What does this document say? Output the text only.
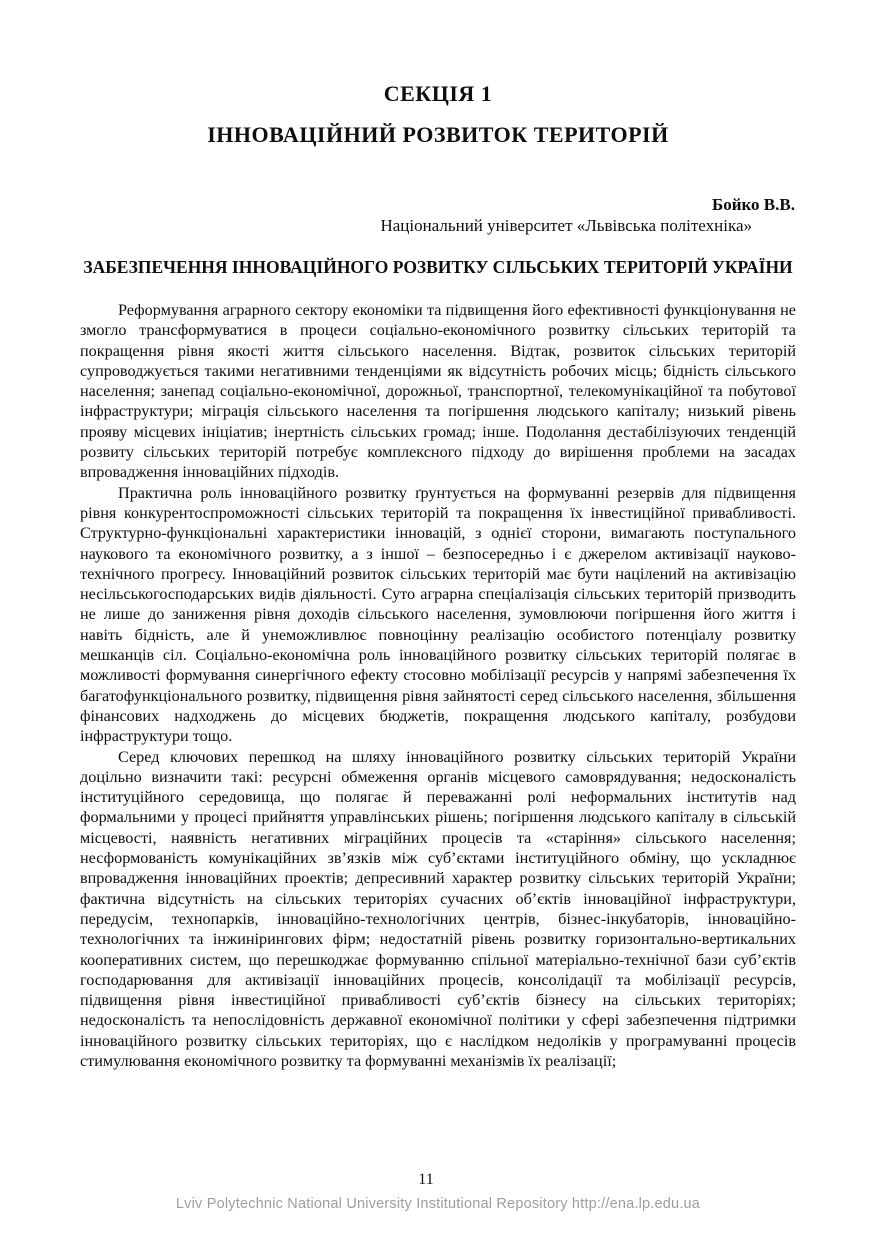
СЕКЦІЯ 1
ІННОВАЦІЙНИЙ РОЗВИТОК ТЕРИТОРІЙ
Бойко В.В.
Національний університет «Львівська політехніка»
ЗАБЕЗПЕЧЕННЯ ІННОВАЦІЙНОГО РОЗВИТКУ СІЛЬСЬКИХ ТЕРИТОРІЙ УКРАЇНИ

Реформування аграрного сектору економіки та підвищення його ефективності функціонування не змогло трансформуватися в процеси соціально-економічного розвитку сільських територій та покращення рівня якості життя сільського населення. Відтак, розвиток сільських територій супроводжується такими негативними тенденціями як відсутність робочих місць; бідність сільського населення; занепад соціально-економічної, дорожньої, транспортної, телекомунікаційної та побутової інфраструктури; міграція сільського населення та погіршення людського капіталу; низький рівень прояву місцевих ініціатив; інертність сільських громад; інше. Подолання дестабілізуючих тенденцій розвиту сільських територій потребує комплексного підходу до вирішення проблеми на засадах впровадження інноваційних підходів.

Практична роль інноваційного розвитку ґрунтується на формуванні резервів для підвищення рівня конкурентоспроможності сільських територій та покращення їх інвестиційної привабливості. Структурно-функціональні характеристики інновацій, з однієї сторони, вимагають поступального наукового та економічного розвитку, а з іншої – безпосередньо і є джерелом активізації науково-технічного прогресу. Інноваційний розвиток сільських територій має бути націлений на активізацію несільськогосподарських видів діяльності. Суто аграрна спеціалізація сільських територій призводить не лише до заниження рівня доходів сільського населення, зумовлюючи погіршення його життя і навіть бідність, але й унеможливлює повноцінну реалізацію особистого потенціалу розвитку мешканців сіл. Соціально-економічна роль інноваційного розвитку сільських територій полягає в можливості формування синергічного ефекту стосовно мобілізації ресурсів у напрямі забезпечення їх багатофункціонального розвитку, підвищення рівня зайнятості серед сільського населення, збільшення фінансових надходжень до місцевих бюджетів, покращення людського капіталу, розбудови інфраструктури тощо.

Серед ключових перешкод на шляху інноваційного розвитку сільських територій України доцільно визначити такі: ресурсні обмеження органів місцевого самоврядування; недосконалість інституційного середовища, що полягає й переважанні ролі неформальних інститутів над формальними у процесі прийняття управлінських рішень; погіршення людського капіталу в сільській місцевості, наявність негативних міграційних процесів та «старіння» сільського населення; несформованість комунікаційних зв’язків між суб’єктами інституційного обміну, що ускладнює впровадження інноваційних проектів; депресивний характер розвитку сільських територій України; фактична відсутність на сільських територіях сучасних об’єктів інноваційної інфраструктури, передусім, технопарків, інноваційно-технологічних центрів, бізнес-інкубаторів, інноваційно-технологічних та інжинірингових фірм; недостатній рівень розвитку горизонтально-вертикальних кооперативних систем, що перешкоджає формуванню спільної матеріально-технічної бази суб’єктів господарювання для активізації інноваційних процесів, консолідації та мобілізації ресурсів, підвищення рівня інвестиційної привабливості суб’єктів бізнесу на сільських територіях; недосконалість та непослідовність державної економічної політики у сфері забезпечення підтримки інноваційного розвитку сільських територіях, що є наслідком недоліків у програмуванні процесів стимулювання економічного розвитку та формуванні механізмів їх реалізації;

11
Lviv Polytechnic National University Institutional Repository http://ena.lp.edu.ua
